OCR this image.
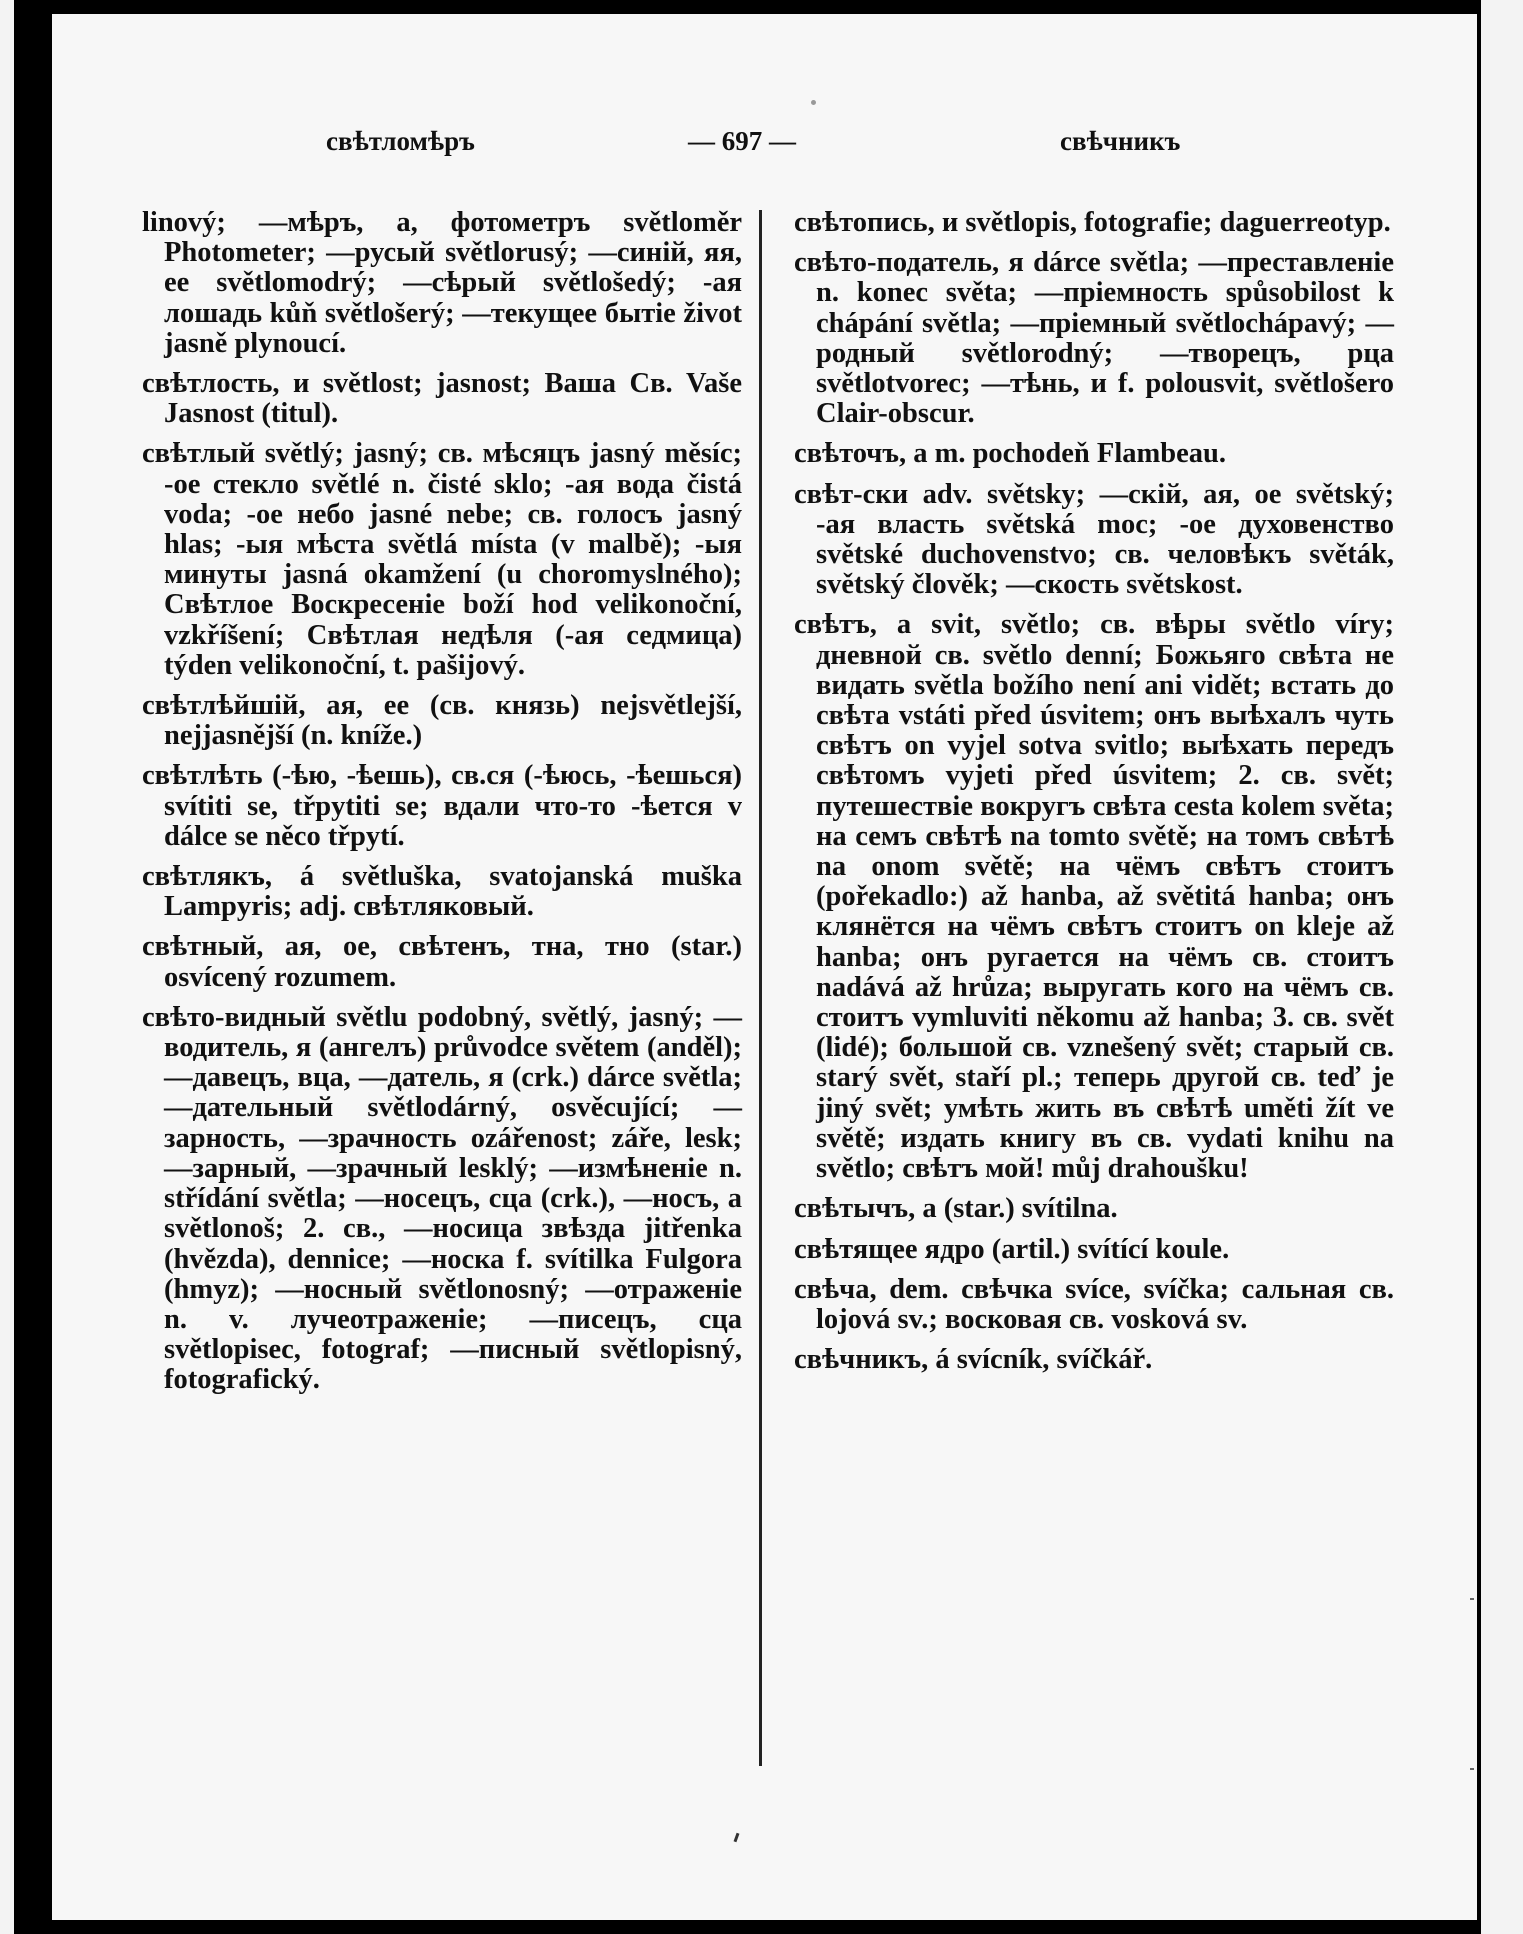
свѣтломѣръ	— 697 —	свѣчникъ

linový; —мѣръ, а, фотометръ světloměr Photometer; —русый světlorusý; —синій, яя, ее světlomodrý; —сѣрый světlošedý; -ая лошадь kůň světlošerý; —текущее бытіе život jasně plynoucí.

свѣтлость, и světlost; jasnost; Ваша Св. Vaše Jasnost (titul).

свѣтлый světlý; jasný; св. мѣсяцъ jasný měsíc; -ое стекло světlé n. čisté sklo; -ая вода čistá voda; -ое небо jasné nebe; св. голосъ jasný hlas; -ыя мѣста světlá místa (v malbě); -ыя минуты jasná okamžení (u choromyslného); Свѣтлое Воскресеніе boží hod velikonoční, vzkříšení; Свѣтлая недѣля (-ая седмица) týden velikonoční, t. pašijový.

свѣтлѣйшій, ая, ее (св. князь) nejsvětlejší, nejjasnější (n. kníže.)

свѣтлѣть (-ѣю, -ѣешь), св.ся (-ѣюсь, -ѣешься) svítiti se, třpytiti se; вдали что-то -ѣется v dálce se něco třpytí.

свѣтлякъ, á světluška, svatojanská muška Lampyris; adj. свѣтляковый.

свѣтный, ая, ое, свѣтенъ, тна, тно (star.) osvícený rozumem.

свѣто-видный světlu podobný, světlý, jasný; —водитель, я (ангелъ) průvodce světem (anděl); —давецъ, вца, —датель, я (crk.) dárce světla; —дательный světlodárný, osvěcující; —зарность, —зрачность ozářenost; záře, lesk; —зарный, —зрачный lesklý; —измѣненіе n. střídání světla; —носецъ, сца (crk.), —носъ, а světlonoš; 2. св., —носица звѣзда jitřenka (hvězda), dennice; —носка f. svítilka Fulgora (hmyz); —носный světlonosný; —отраженіе n. v. лучеотраженіе; —писецъ, сца světlopisec, fotograf; —писный světlopisný, fotografický.

свѣтопись, и světlopis, fotografie; daguerreotyp.

свѣто-податель, я dárce světla; —преставленіе n. konec světa; —пріемность spůsobilost k chápání světla; —пріемный světlochápavý; —родный světlorodný; —творецъ, рца světlotvorec; —тѣнь, и f. polousvit, světlošero Clair-obscur.

свѣточъ, а m. pochodeň Flambeau.

свѣт-ски adv. světsky; —скій, ая, ое světský; -ая власть světská moc; -ое духовенство světské duchovenstvo; св. человѣкъ světák, světský člověk; —скость světskost.

свѣтъ, а svit, světlo; св. вѣры světlo víry; дневной св. světlo denní; Божьяго свѣта не видать světla božího není ani vidět; встать до свѣта vstáti před úsvitem; онъ выѣхалъ чуть свѣтъ on vyjel sotva svitlo; выѣхать передъ свѣтомъ vyjeti před úsvitem; 2. св. svět; путешествіе вокругъ свѣта cesta kolem světa; на семъ свѣтѣ na tomto světě; на томъ свѣтѣ na onom světě; на чёмъ свѣтъ стоитъ (pořekadlo:) až hanba, až světitá hanba; онъ клянётся на чёмъ свѣтъ стоитъ on kleje až hanba; онъ ругается на чёмъ св. стоитъ nadává až hrůza; выругать кого на чёмъ св. стоитъ vymluviti někomu až hanba; 3. св. svět (lidé); большой св. vznešený svět; старый св. starý svět, staří pl.; теперь другой св. teď je jiný svět; умѣть жить въ свѣтѣ uměti žít ve světě; издать книгу въ св. vydati knihu na světlo; свѣтъ мой! můj drahoušku!

свѣтычъ, а (star.) svítilna.

свѣтящее ядро (artil.) svítící koule.

свѣча, dem. свѣчка svíce, svíčka; сальная св. lojová sv.; восковая св. vosková sv.

свѣчникъ, á svícník, svíčkář.
